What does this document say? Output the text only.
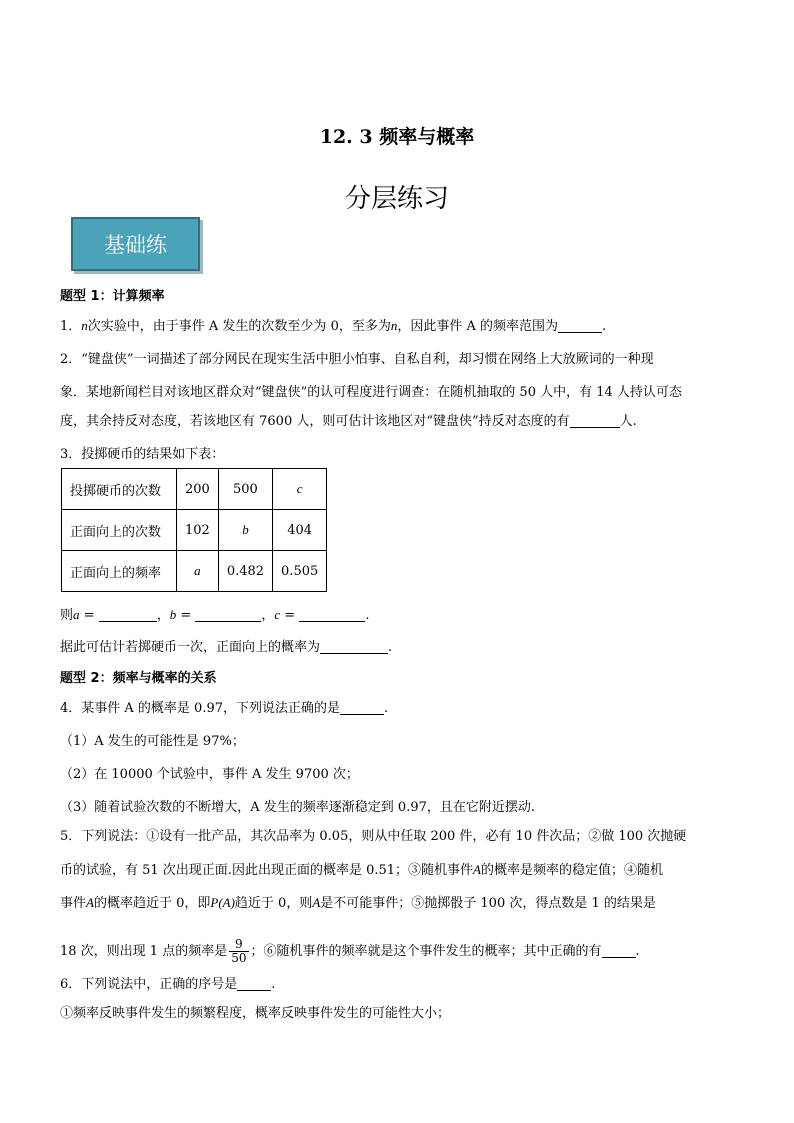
12. 3 频率与概率
分层练习
基础练
题型 1：计算频率
1．n次实验中，由于事件 A 发生的次数至少为 0，至多为n，因此事件 A 的频率范围为	.
2．“键盘侠”一词描述了部分网民在现实生活中胆小怕事、自私自利，却习惯在网络上大放厥词的一种现
象．某地新闻栏目对该地区群众对“键盘侠”的认可程度进行调查：在随机抽取的 50 人中，有 14 人持认可态
度，其余持反对态度，若该地区有 7600 人，则可估计该地区对“键盘侠”持反对态度的有	人.
3．投掷硬币的结果如下表：
投掷硬币的次数	200	500	c
正面向上的次数	102	b	404
正面向上的频率	a	0.482	0.505
则a =	，b =	，c =	.
据此可估计若掷硬币一次，正面向上的概率为	.
题型 2：频率与概率的关系
4．某事件 A 的概率是 0.97，下列说法正确的是	.
（1）A 发生的可能性是 97%；
（2）在 10000 个试验中，事件 A 发生 9700 次；
（3）随着试验次数的不断增大，A 发生的频率逐渐稳定到 0.97，且在它附近摆动.
5．下列说法：①设有一批产品，其次品率为 0.05，则从中任取 200 件，必有 10 件次品；②做 100 次抛硬
币的试验，有 51 次出现正面.因此出现正面的概率是 0.51；③随机事件A的概率是频率的稳定值；④随机
事件A的概率趋近于 0，即P(A)趋近于 0，则A是不可能事件；⑤抛掷骰子 100 次，得点数是 1 的结果是
18 次，则出现 1 点的频率是 $\frac{9}{50}$ ；⑥随机事件的频率就是这个事件发生的概率；其中正确的有	.
6．下列说法中，正确的序号是	.
①频率反映事件发生的频繁程度，概率反映事件发生的可能性大小；
